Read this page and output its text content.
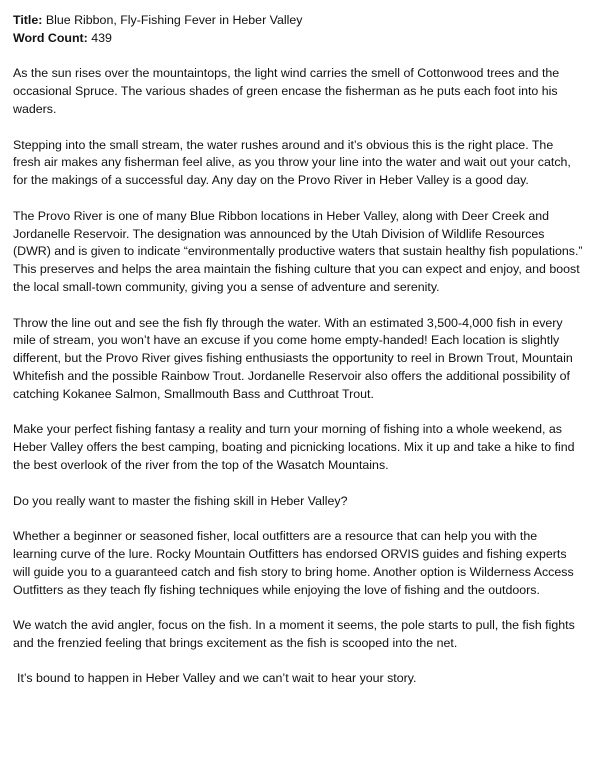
Title: Blue Ribbon, Fly-Fishing Fever in Heber Valley

Word Count: 439

As the sun rises over the mountaintops, the light wind carries the smell of Cottonwood trees and the occasional Spruce. The various shades of green encase the fisherman as he puts each foot into his waders.

Stepping into the small stream, the water rushes around and it’s obvious this is the right place. The fresh air makes any fisherman feel alive, as you throw your line into the water and wait out your catch, for the makings of a successful day. Any day on the Provo River in Heber Valley is a good day.

The Provo River is one of many Blue Ribbon locations in Heber Valley, along with Deer Creek and Jordanelle Reservoir. The designation was announced by the Utah Division of Wildlife Resources (DWR) and is given to indicate “environmentally productive waters that sustain healthy fish populations.” This preserves and helps the area maintain the fishing culture that you can expect and enjoy, and boost the local small-town community, giving you a sense of adventure and serenity.

Throw the line out and see the fish fly through the water. With an estimated 3,500-4,000 fish in every mile of stream, you won’t have an excuse if you come home empty-handed! Each location is slightly different, but the Provo River gives fishing enthusiasts the opportunity to reel in Brown Trout, Mountain Whitefish and the possible Rainbow Trout. Jordanelle Reservoir also offers the additional possibility of catching Kokanee Salmon, Smallmouth Bass and Cutthroat Trout.

Make your perfect fishing fantasy a reality and turn your morning of fishing into a whole weekend, as Heber Valley offers the best camping, boating and picnicking locations. Mix it up and take a hike to find the best overlook of the river from the top of the Wasatch Mountains.

Do you really want to master the fishing skill in Heber Valley?

Whether a beginner or seasoned fisher, local outfitters are a resource that can help you with the learning curve of the lure. Rocky Mountain Outfitters has endorsed ORVIS guides and fishing experts will guide you to a guaranteed catch and fish story to bring home. Another option is Wilderness Access Outfitters as they teach fly fishing techniques while enjoying the love of fishing and the outdoors.

We watch the avid angler, focus on the fish. In a moment it seems, the pole starts to pull, the fish fights and the frenzied feeling that brings excitement as the fish is scooped into the net.

It’s bound to happen in Heber Valley and we can’t wait to hear your story.
